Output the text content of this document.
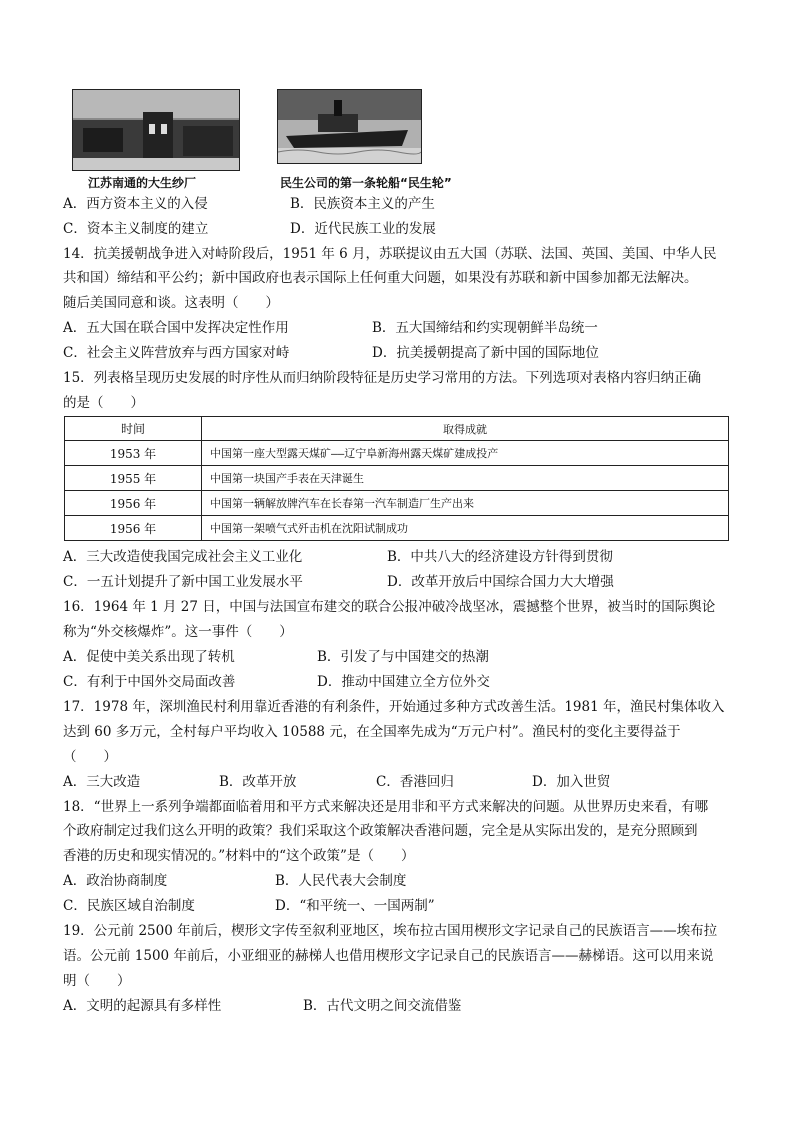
江苏南通的大生纱厂	民生公司的第一条轮船“民生轮”
A．西方资本主义的入侵	B．民族资本主义的产生
C．资本主义制度的建立	D．近代民族工业的发展
14．抗美援朝战争进入对峙阶段后，1951 年 6 月，苏联提议由五大国（苏联、法国、英国、美国、中华人民
共和国）缔结和平公约；新中国政府也表示国际上任何重大问题，如果没有苏联和新中国参加都无法解决。
随后美国同意和谈。这表明（　　）
A．五大国在联合国中发挥决定性作用	B．五大国缔结和约实现朝鲜半岛统一
C．社会主义阵营放弃与西方国家对峙	D．抗美援朝提高了新中国的国际地位
15．列表格呈现历史发展的时序性从而归纳阶段特征是历史学习常用的方法。下列选项对表格内容归纳正确
的是（　　）
时间	取得成就
1953 年	中国第一座大型露天煤矿——辽宁阜新海州露天煤矿建成投产
1955 年	中国第一块国产手表在天津诞生
1956 年	中国第一辆解放牌汽车在长春第一汽车制造厂生产出来
1956 年	中国第一架喷气式歼击机在沈阳试制成功
A．三大改造使我国完成社会主义工业化	B．中共八大的经济建设方针得到贯彻
C．一五计划提升了新中国工业发展水平	D．改革开放后中国综合国力大大增强
16．1964 年 1 月 27 日，中国与法国宣布建交的联合公报冲破冷战坚冰，震撼整个世界，被当时的国际舆论
称为“外交核爆炸”。这一事件（　　）
A．促使中美关系出现了转机	B．引发了与中国建交的热潮
C．有利于中国外交局面改善	D．推动中国建立全方位外交
17．1978 年，深圳渔民村利用靠近香港的有利条件，开始通过多种方式改善生活。1981 年，渔民村集体收入
达到 60 多万元，全村每户平均收入 10588 元，在全国率先成为“万元户村”。渔民村的变化主要得益于
（　　）
A．三大改造	B．改革开放	C．香港回归	D．加入世贸
18．“世界上一系列争端都面临着用和平方式来解决还是用非和平方式来解决的问题。从世界历史来看，有哪
个政府制定过我们这么开明的政策？我们采取这个政策解决香港问题，完全是从实际出发的，是充分照顾到
香港的历史和现实情况的。”材料中的“这个政策”是（　　）
A．政治协商制度	B．人民代表大会制度
C．民族区域自治制度	D．“和平统一、一国两制”
19．公元前 2500 年前后，楔形文字传至叙利亚地区，埃布拉古国用楔形文字记录自己的民族语言——埃布拉
语。公元前 1500 年前后，小亚细亚的赫梯人也借用楔形文字记录自己的民族语言——赫梯语。这可以用来说
明（　　）
A．文明的起源具有多样性	B．古代文明之间交流借鉴
